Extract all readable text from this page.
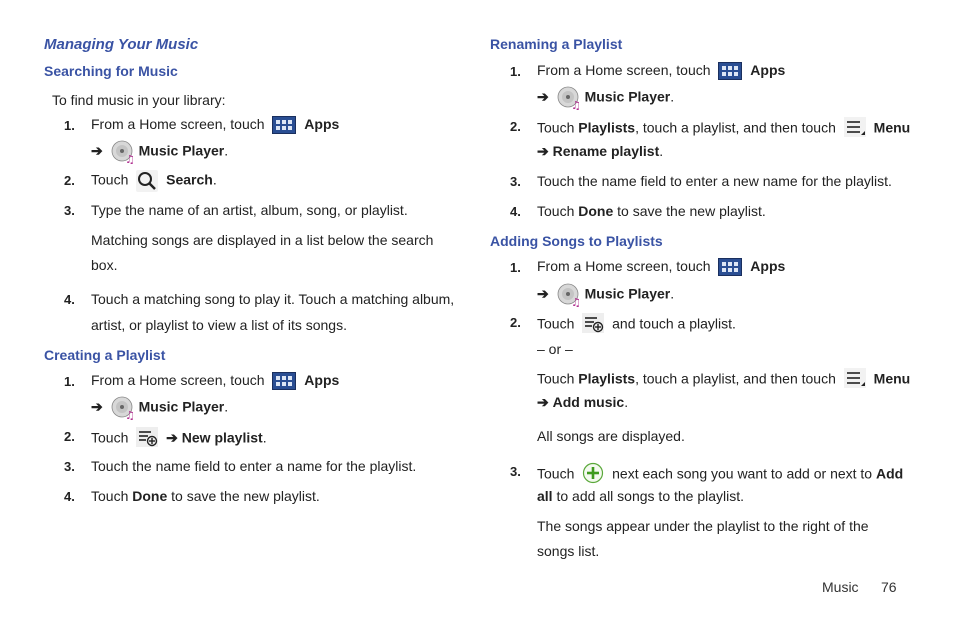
Managing Your Music
Searching for Music
To find music in your library:
1. From a Home screen, touch	Apps
➔
♫
Music Player.
2. Touch	Search.
3. Type the name of an artist, album, song, or playlist.
Matching songs are displayed in a list below the search
box.
4. Touch a matching song to play it. Touch a matching album,
artist, or playlist to view a list of its songs.
Creating a Playlist
1. From a Home screen, touch	Apps
➔
♫
Music Player.
2. Touch	➔ New playlist.
3. Touch the name field to enter a name for the playlist.
4. Touch Done to save the new playlist.
Renaming a Playlist
1. From a Home screen, touch	Apps
➔
♫
Music Player.
2. Touch Playlists, touch a playlist, and then touch	Menu
➔ Rename playlist.
3. Touch the name field to enter a new name for the playlist.
4. Touch Done to save the new playlist.
Adding Songs to Playlists
1. From a Home screen, touch	Apps
➔
♫
Music Player.
2. Touch	and touch a playlist.
– or –
Touch Playlists, touch a playlist, and then touch	Menu
➔ Add music.
All songs are displayed.
3. Touch	next each song you want to add or next to Add
all to add all songs to the playlist.
The songs appear under the playlist to the right of the
songs list.
Music 76
